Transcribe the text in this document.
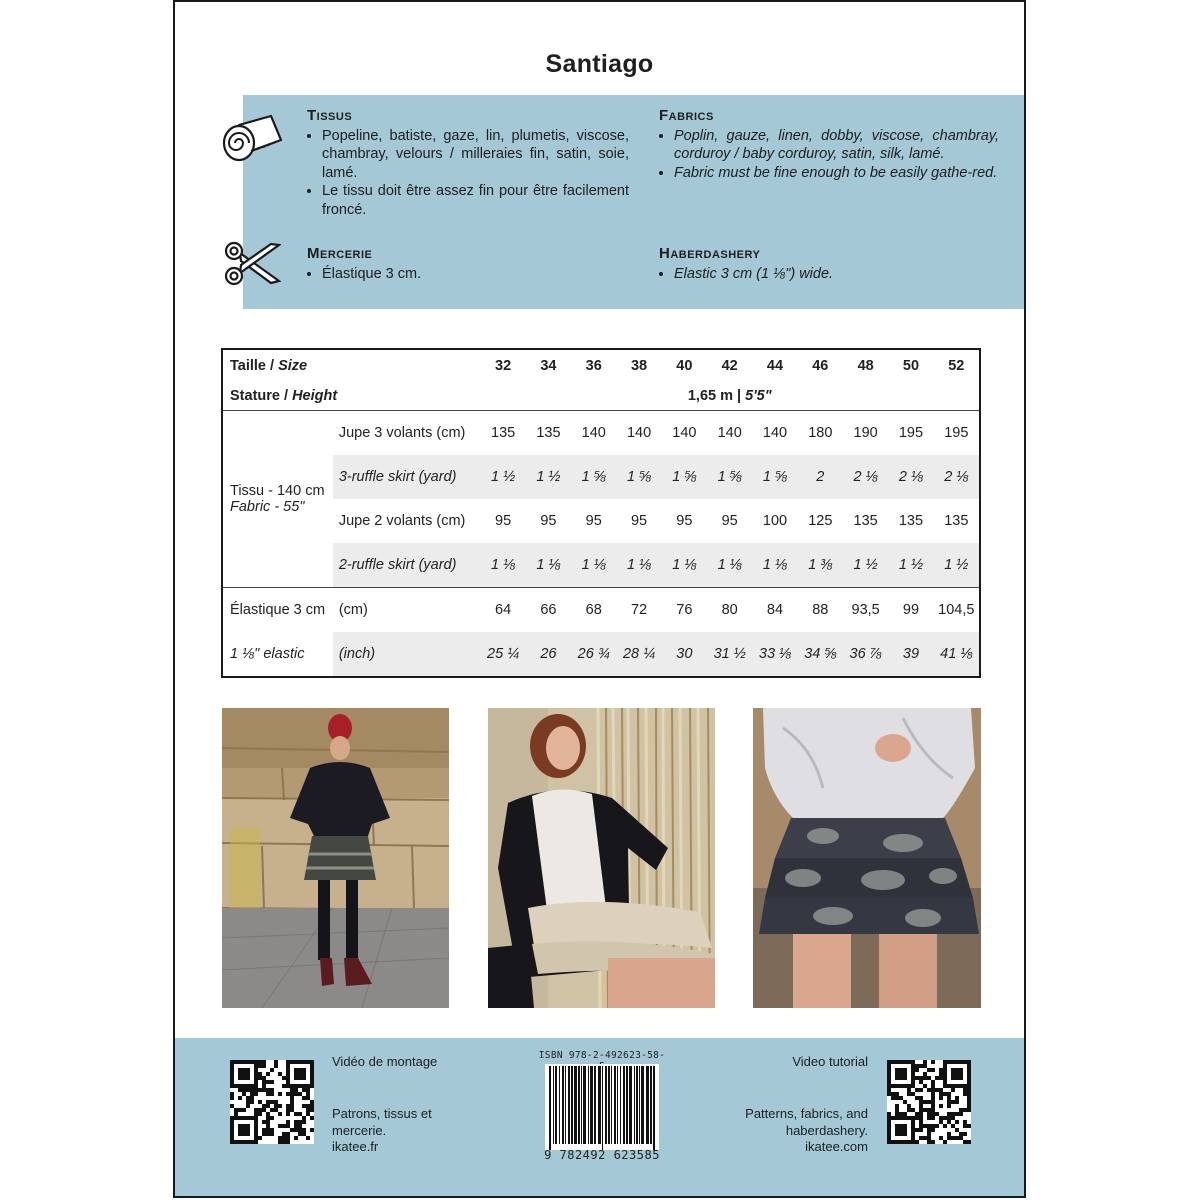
Santiago
Tissus
• Popeline, batiste, gaze, lin, plumetis, viscose, chambray, velours / milleraies fin, satin, soie, lamé.
• Le tissu doit être assez fin pour être facilement froncé.
Fabrics
• Poplin, gauze, linen, dobby, viscose, chambray, corduroy / baby corduroy, satin, silk, lamé.
• Fabric must be fine enough to be easily gathe-red.
Mercerie
• Élastique 3 cm.
Haberdashery
• Elastic 3 cm (1 ⅛") wide.
Taille / Size		32	34	36	38	40	42	44	46	48	50	52
Stature / Height		1,65 m | 5'5"										
Tissu - 140 cm
Fabric - 55"	Jupe 3 volants (cm)	135	135	140	140	140	140	140	180	190	195	195
	3-ruffle skirt (yard)	1 ½	1 ½	1 ⅝	1 ⅝	1 ⅝	1 ⅝	1 ⅝	2	2 ⅛	2 ⅛	2 ⅛
	Jupe 2 volants (cm)	95	95	95	95	95	95	100	125	135	135	135
	2-ruffle skirt (yard)	1 ⅛	1 ⅛	1 ⅛	1 ⅛	1 ⅛	1 ⅛	1 ⅛	1 ⅜	1 ½	1 ½	1 ½
Élastique 3 cm	(cm)	64	66	68	72	76	80	84	88	93,5	99	104,5
1 ⅛" elastic	(inch)	25 ¼	26	26 ¾	28 ¼	30	31 ½	33 ⅛	34 ⅝	36 ⅞	39	41 ⅛
Vidéo de montage
Patrons, tissus et mercerie.
ikatee.fr
ISBN 978-2-492623-58-
9 782492 623585
Video tutorial
Patterns, fabrics, and haberdashery.
ikatee.com
